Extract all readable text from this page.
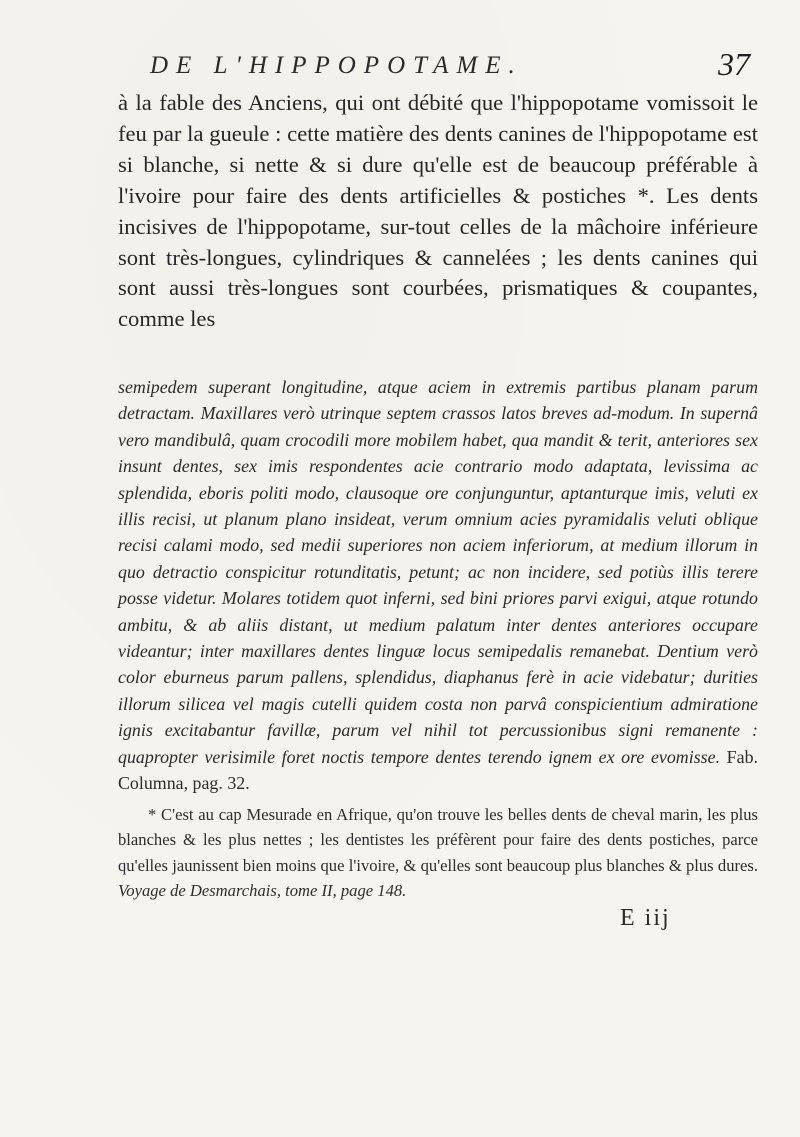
DE L'HIPPOPOTAME.	37

à la fable des Anciens, qui ont débité que l'hippopotame vomissoit le feu par la gueule : cette matière des dents canines de l'hippopotame est si blanche, si nette & si dure qu'elle est de beaucoup préférable à l'ivoire pour faire des dents artificielles & postiches *. Les dents incisives de l'hippopotame, sur-tout celles de la mâchoire inférieure sont très-longues, cylindriques & cannelées ; les dents canines qui sont aussi très-longues sont courbées, prismatiques & coupantes, comme les

semipedem superant longitudine, atque aciem in extremis partibus planam parum detractam. Maxillares verò utrinque septem crassos latos breves ad-modum. In supernâ vero mandibulâ, quam crocodili more mobilem habet, qua mandit & terit, anteriores sex insunt dentes, sex imis respondentes acie contrario modo adaptata, levissima ac splendida, eboris politi modo, clausoque ore conjunguntur, aptanturque imis, veluti ex illis recisi, ut planum plano insideat, verum omnium acies pyramidalis veluti oblique recisi calami modo, sed medii superiores non aciem inferiorum, at medium illorum in quo detractio conspicitur rotunditatis, petunt; ac non incidere, sed potiùs illis terere posse videtur. Molares totidem quot inferni, sed bini priores parvi exigui, atque rotundo ambitu, & ab aliis distant, ut medium palatum inter dentes anteriores occupare videantur; inter maxillares dentes linguæ locus semipedalis remanebat. Dentium verò color eburneus parum pallens, splendidus, diaphanus ferè in acie videbatur; durities illorum silicea vel magis cutelli quidem costa non parvâ conspicientium admiratione ignis excitabantur favillæ, parum vel nihil tot percussionibus signi remanente : quapropter verisimile foret noctis tempore dentes terendo ignem ex ore evomisse. Fab. Columna, pag. 32.

* C'est au cap Mesurade en Afrique, qu'on trouve les belles dents de cheval marin, les plus blanches & les plus nettes ; les dentistes les préfèrent pour faire des dents postiches, parce qu'elles jaunissent bien moins que l'ivoire, & qu'elles sont beaucoup plus blanches & plus dures. Voyage de Desmarchais, tome II, page 148.

E iij
